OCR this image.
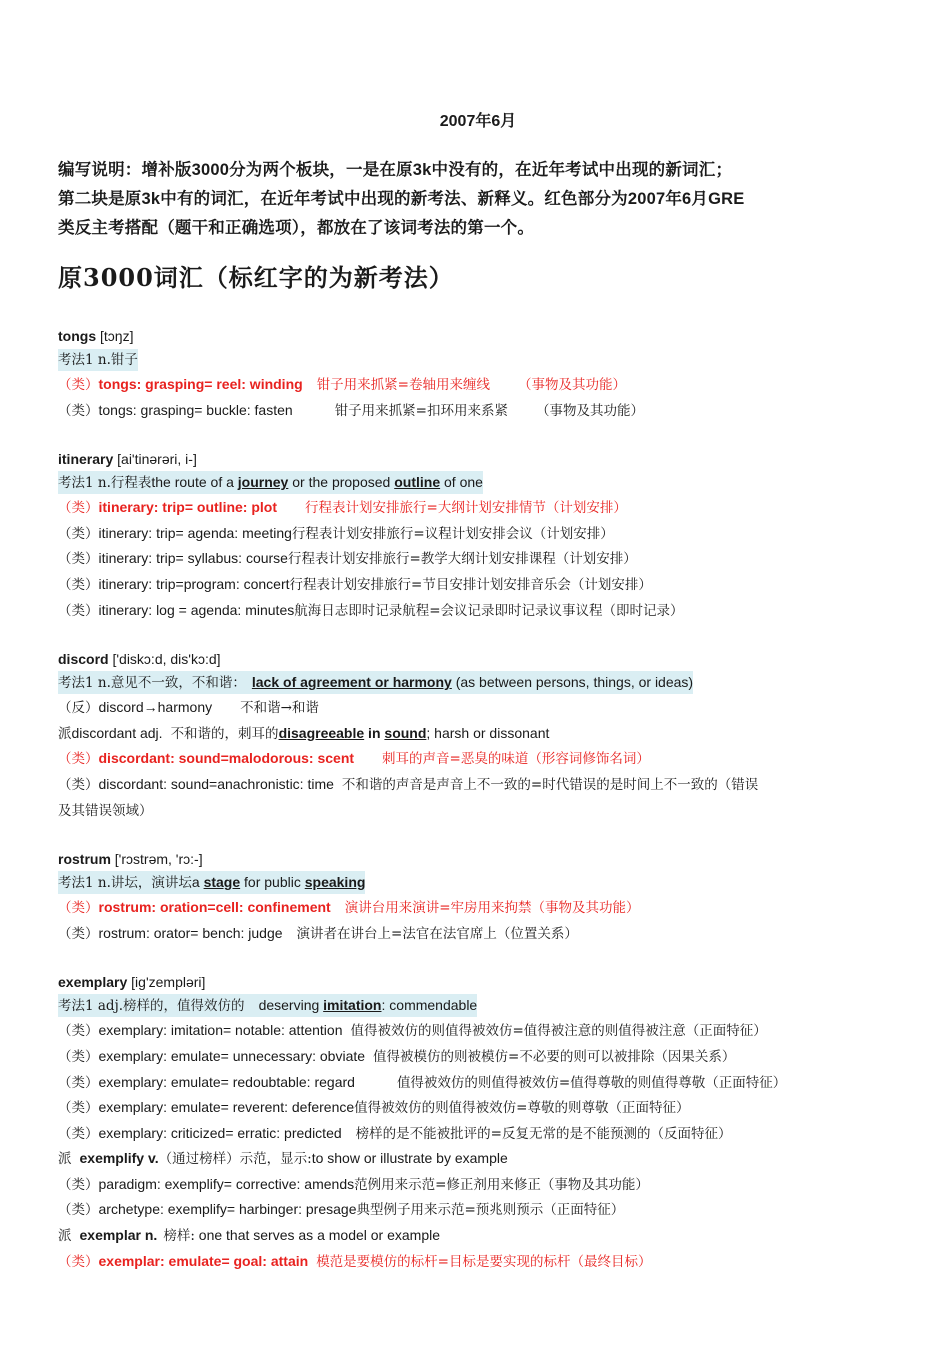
2007年6月
编写说明：增补版3000分为两个板块，一是在原3k中没有的，在近年考试中出现的新词汇；
第二块是原3k中有的词汇，在近年考试中出现的新考法、新释义。红色部分为2007年6月GRE
类反主考搭配（题干和正确选项），都放在了该词考法的第一个。
原3000词汇（标红字的为新考法）
tongs [tɔŋz]
考法1 n.钳子
（类）tongs: grasping= reel: winding 钳子用来抓紧=卷轴用来缠线 （事物及其功能）
（类）tongs: grasping= buckle: fasten	钳子用来抓紧=扣环用来系紧 （事物及其功能）
itinerary [ai'tinərəri, i-]
考法1 n.行程表the route of a journey or the proposed outline of one
（类）itinerary: trip= outline: plot 行程表计划安排旅行=大纲计划安排情节（计划安排）
（类）itinerary: trip= agenda: meeting行程表计划安排旅行=议程计划安排会议（计划安排）
（类）itinerary: trip= syllabus: course行程表计划安排旅行=教学大纲计划安排课程（计划安排）
（类）itinerary: trip=program: concert行程表计划安排旅行=节目安排计划安排音乐会（计划安排）
（类）itinerary: log = agenda: minutes航海日志即时记录航程=会议记录即时记录议事议程（即时记录）
discord ['diskɔ:d, dis'kɔ:d]
考法1 n.意见不一致，不和谐： lack of agreement or harmony (as between persons, things, or ideas)
（反）discord→harmony 不和谐→和谐
派discordant adj. 不和谐的，刺耳的disagreeable in sound; harsh or dissonant
（类）discordant: sound=malodorous: scent 刺耳的声音=恶臭的味道（形容词修饰名词）
（类）discordant: sound=anachronistic: time 不和谐的声音是声音上不一致的=时代错误的是时间上不一致的（错误
及其错误领域）
rostrum ['rɔstrəm, 'rɔ:-]
考法1 n.讲坛，演讲坛a stage for public speaking
（类）rostrum: oration=cell: confinement 演讲台用来演讲=牢房用来拘禁（事物及其功能）
（类）rostrum: orator= bench: judge 演讲者在讲台上=法官在法官席上（位置关系）
exemplary [ig'zempləri]
考法1 adj.榜样的，值得效仿的 deserving imitation: commendable
（类）exemplary: imitation= notable: attention 值得被效仿的则值得被效仿=值得被注意的则值得被注意（正面特征）
（类）exemplary: emulate= unnecessary: obviate 值得被模仿的则被模仿=不必要的则可以被排除（因果关系）
（类）exemplary: emulate= redoubtable: regard	值得被效仿的则值得被效仿=值得尊敬的则值得尊敬（正面特征）
（类）exemplary: emulate= reverent: deference值得被效仿的则值得被效仿=尊敬的则尊敬（正面特征）
（类）exemplary: criticized= erratic: predicted 榜样的是不能被批评的=反复无常的是不能预测的（反面特征）
派 exemplify v.（通过榜样）示范，显示:to show or illustrate by example
（类）paradigm: exemplify= corrective: amends范例用来示范=修正剂用来修正（事物及其功能）
（类）archetype: exemplify= harbinger: presage典型例子用来示范=预兆则预示（正面特征）
派 exemplar n. 榜样: one that serves as a model or example
（类）exemplar: emulate= goal: attain 模范是要模仿的标杆=目标是要实现的标杆（最终目标）
